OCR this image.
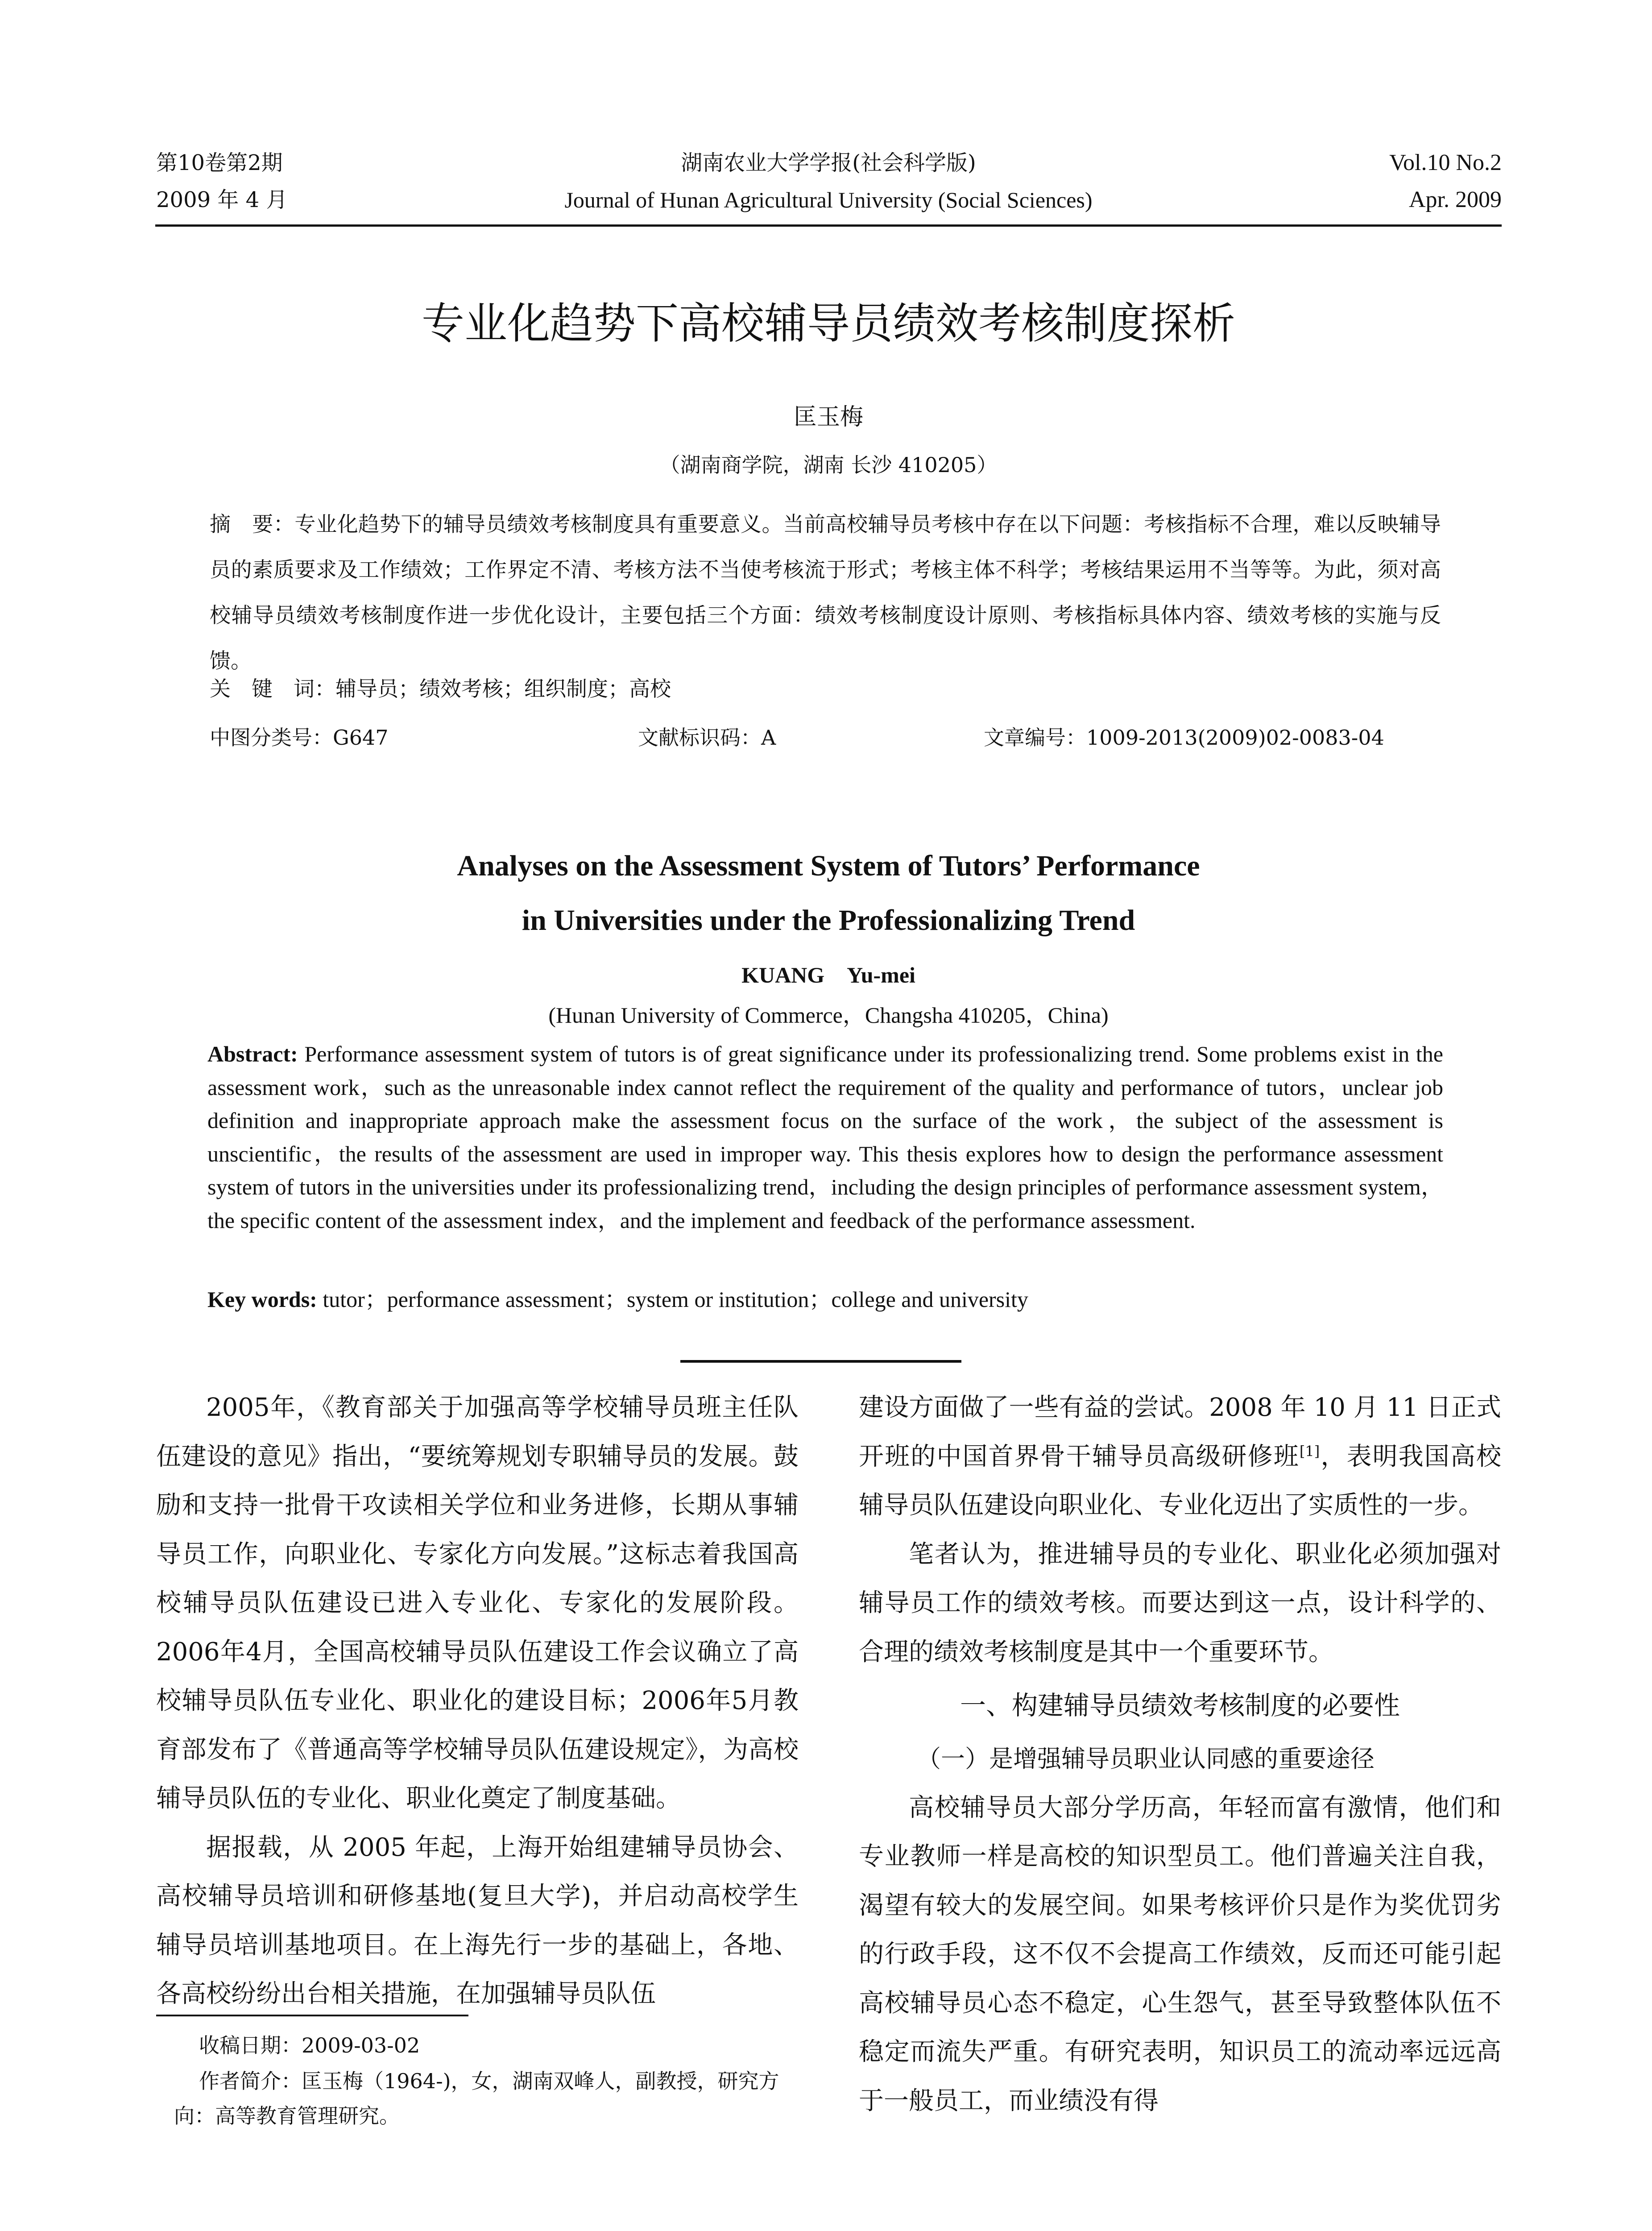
第10卷第2期
2009 年 4 月
湖南农业大学学报(社会科学版)
Journal of Hunan Agricultural University (Social Sciences)
Vol.10 No.2
Apr. 2009
专业化趋势下高校辅导员绩效考核制度探析
匡玉梅
（湖南商学院，湖南 长沙 410205）
摘　要：专业化趋势下的辅导员绩效考核制度具有重要意义。当前高校辅导员考核中存在以下问题：考核指标不合理，难以反映辅导员的素质要求及工作绩效；工作界定不清、考核方法不当使考核流于形式；考核主体不科学；考核结果运用不当等等。为此，须对高校辅导员绩效考核制度作进一步优化设计，主要包括三个方面：绩效考核制度设计原则、考核指标具体内容、绩效考核的实施与反馈。
关　键　词：辅导员；绩效考核；组织制度；高校
中图分类号：G647	文献标识码：A	文章编号：1009-2013(2009)02-0083-04
Analyses on the Assessment System of Tutors’ Performance
in Universities under the Professionalizing Trend
KUANG　Yu-mei
(Hunan University of Commerce，Changsha 410205，China)
Abstract: Performance assessment system of tutors is of great significance under its professionalizing trend. Some problems exist in the assessment work，such as the unreasonable index cannot reflect the requirement of the quality and performance of tutors，unclear job definition and inappropriate approach make the assessment focus on the surface of the work，the subject of the assessment is unscientific，the results of the assessment are used in improper way. This thesis explores how to design the performance assessment system of tutors in the universities under its professionalizing trend，including the design principles of performance assessment system，the specific content of the assessment index，and the implement and feedback of the performance assessment.
Key words: tutor；performance assessment；system or institution；college and university

2005年，《教育部关于加强高等学校辅导员班主任队伍建设的意见》指出，“要统筹规划专职辅导员的发展。鼓励和支持一批骨干攻读相关学位和业务进修，长期从事辅导员工作，向职业化、专家化方向发展。”这标志着我国高校辅导员队伍建设已进入专业化、专家化的发展阶段。2006年4月，全国高校辅导员队伍建设工作会议确立了高校辅导员队伍专业化、职业化的建设目标；2006年5月教育部发布了《普通高等学校辅导员队伍建设规定》，为高校辅导员队伍的专业化、职业化奠定了制度基础。

据报载，从 2005 年起，上海开始组建辅导员协会、高校辅导员培训和研修基地(复旦大学)，并启动高校学生辅导员培训基地项目。在上海先行一步的基础上，各地、各高校纷纷出台相关措施，在加强辅导员队伍

建设方面做了一些有益的尝试。2008 年 10 月 11 日正式开班的中国首界骨干辅导员高级研修班[1]，表明我国高校辅导员队伍建设向职业化、专业化迈出了实质性的一步。

笔者认为，推进辅导员的专业化、职业化必须加强对辅导员工作的绩效考核。而要达到这一点，设计科学的、合理的绩效考核制度是其中一个重要环节。

一、构建辅导员绩效考核制度的必要性

（一）是增强辅导员职业认同感的重要途径

高校辅导员大部分学历高，年轻而富有激情，他们和专业教师一样是高校的知识型员工。他们普遍关注自我，渴望有较大的发展空间。如果考核评价只是作为奖优罚劣的行政手段，这不仅不会提高工作绩效，反而还可能引起高校辅导员心态不稳定，心生怨气，甚至导致整体队伍不稳定而流失严重。有研究表明，知识员工的流动率远远高于一般员工，而业绩没有得

收稿日期：2009-03-02
作者简介：匡玉梅（1964-)，女，湖南双峰人，副教授，研究方向：高等教育管理研究。
